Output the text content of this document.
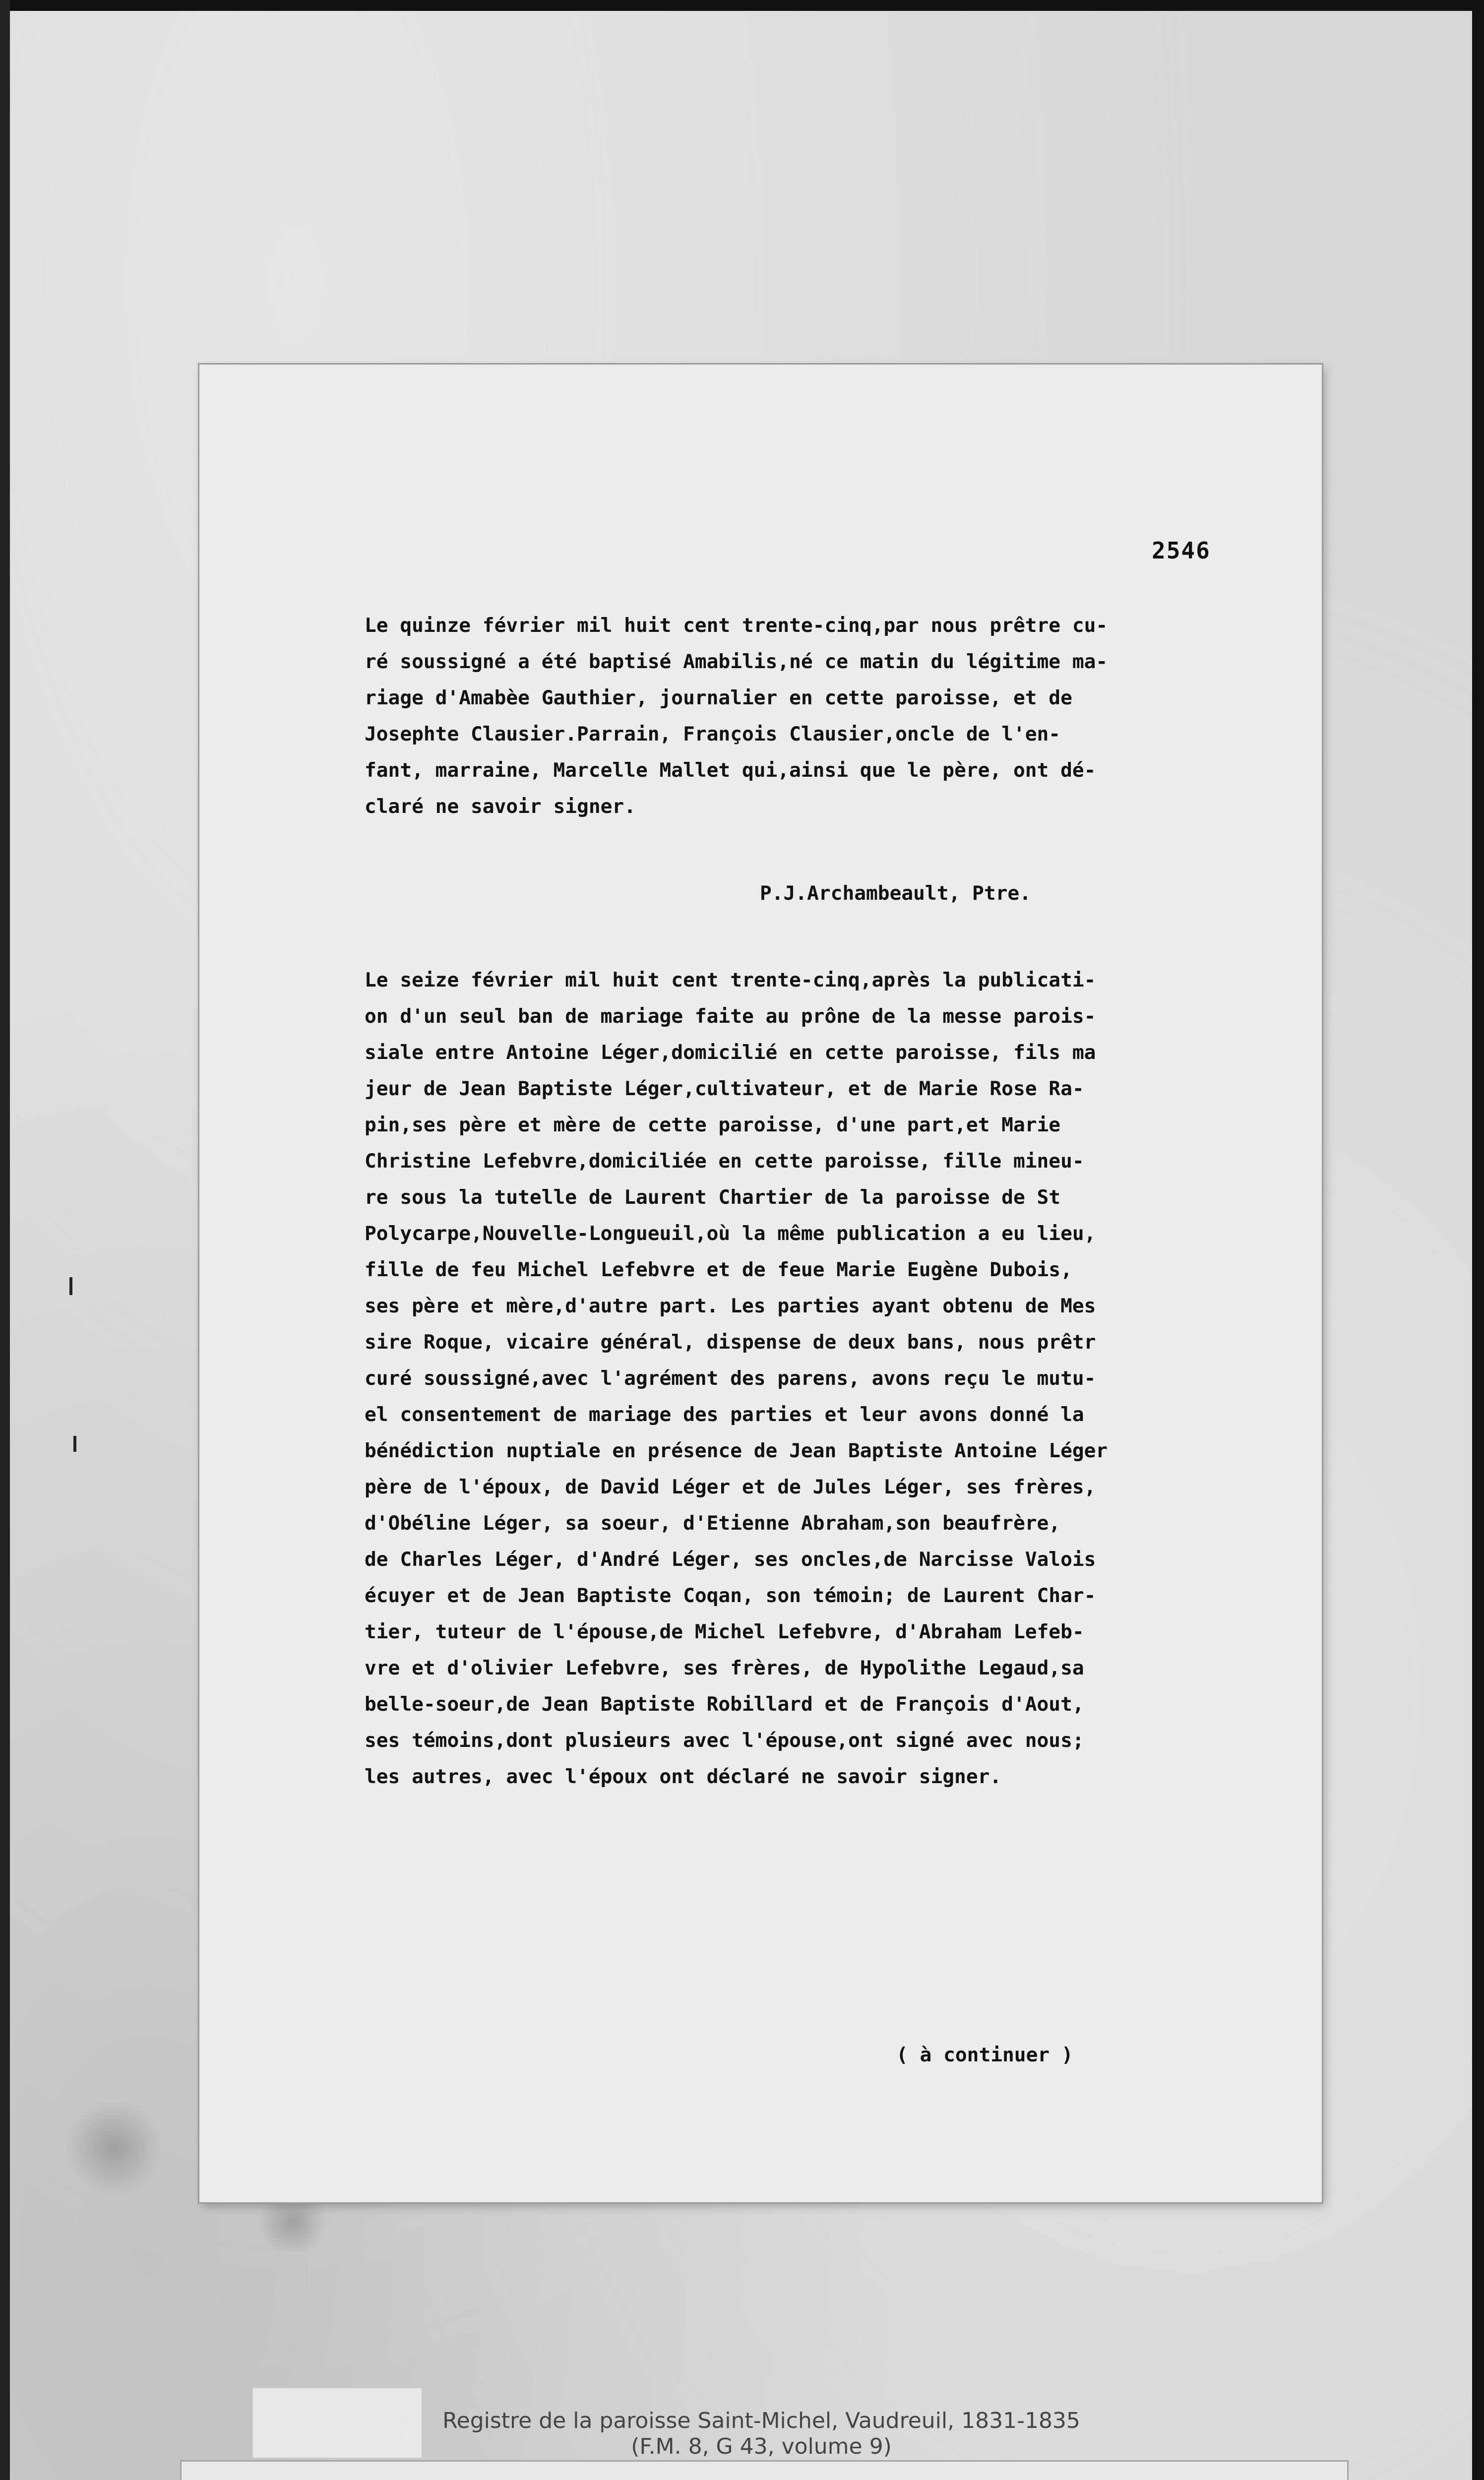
2546
Le quinze février mil huit cent trente-cinq,par nous prêtre cu-
ré soussigné a été baptisé Amabilis,né ce matin du légitime ma-
riage d'Amabèe Gauthier, journalier en cette paroisse, et de
Josephte Clausier.Parrain, François Clausier,oncle de l'en-
fant, marraine, Marcelle Mallet qui,ainsi que le père, ont dé-
claré ne savoir signer.
P.J.Archambeault, Ptre.
Le seize février mil huit cent trente-cinq,après la publicati-
on d'un seul ban de mariage faite au prône de la messe parois-
siale entre Antoine Léger,domicilié en cette paroisse, fils ma
jeur de Jean Baptiste Léger,cultivateur, et de Marie Rose Ra-
pin,ses père et mère de cette paroisse, d'une part,et Marie
Christine Lefebvre,domiciliée en cette paroisse, fille mineu-
re sous la tutelle de Laurent Chartier de la paroisse de St
Polycarpe,Nouvelle-Longueuil,où la même publication a eu lieu,
fille de feu Michel Lefebvre et de feue Marie Eugène Dubois,
ses père et mère,d'autre part. Les parties ayant obtenu de Mes
sire Roque, vicaire général, dispense de deux bans, nous prêtr
curé soussigné,avec l'agrément des parens, avons reçu le mutu-
el consentement de mariage des parties et leur avons donné la
bénédiction nuptiale en présence de Jean Baptiste Antoine Léger
père de l'époux, de David Léger et de Jules Léger, ses frères,
d'Obéline Léger, sa soeur, d'Etienne Abraham,son beaufrère,
de Charles Léger, d'André Léger, ses oncles,de Narcisse Valois
écuyer et de Jean Baptiste Coqan, son témoin; de Laurent Char-
tier, tuteur de l'épouse,de Michel Lefebvre, d'Abraham Lefeb-
vre et d'olivier Lefebvre, ses frères, de Hypolithe Legaud,sa
belle-soeur,de Jean Baptiste Robillard et de François d'Aout,
ses témoins,dont plusieurs avec l'épouse,ont signé avec nous;
les autres, avec l'époux ont déclaré ne savoir signer.
( à continuer )
Registre de la paroisse Saint-Michel, Vaudreuil, 1831-1835
(F.M. 8, G 43, volume 9)
